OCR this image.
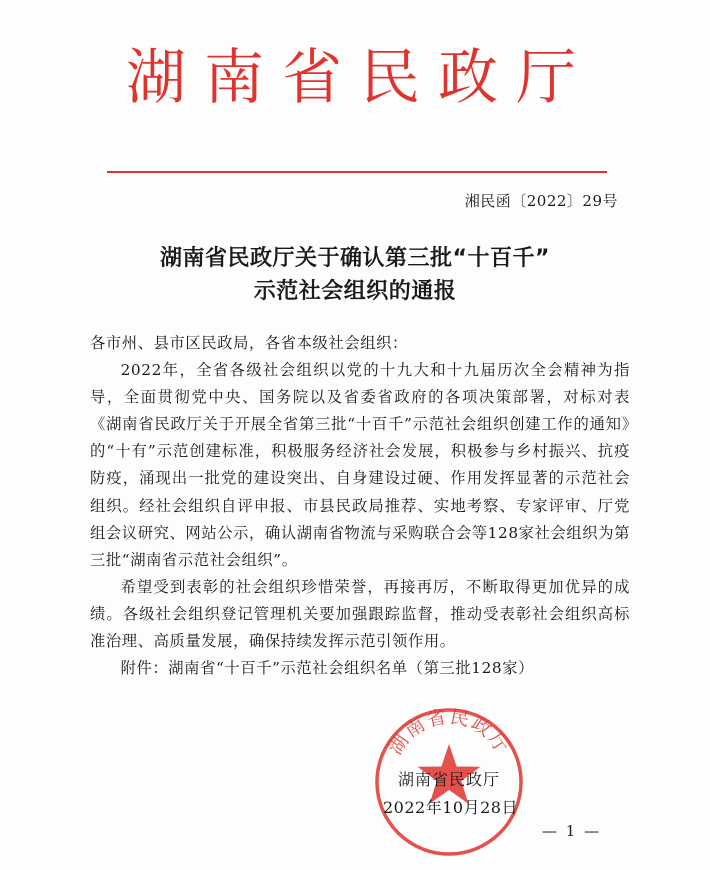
湖南省民政厅
湘民函〔2022〕29号
湖南省民政厅关于确认第三批“十百千”
示范社会组织的通报

各市州、县市区民政局，各省本级社会组织：

2022年，全省各级社会组织以党的十九大和十九届历次全会精神为指导，全面贯彻党中央、国务院以及省委省政府的各项决策部署，对标对表《湖南省民政厅关于开展全省第三批“十百千”示范社会组织创建工作的通知》的“十有”示范创建标准，积极服务经济社会发展，积极参与乡村振兴、抗疫防疫，涌现出一批党的建设突出、自身建设过硬、作用发挥显著的示范社会组织。经社会组织自评申报、市县民政局推荐、实地考察、专家评审、厅党组会议研究、网站公示，确认湖南省物流与采购联合会等128家社会组织为第三批“湖南省示范社会组织”。

希望受到表彰的社会组织珍惜荣誉，再接再厉，不断取得更加优异的成绩。各级社会组织登记管理机关要加强跟踪监督，推动受表彰社会组织高标准治理、高质量发展，确保持续发挥示范引领作用。

附件：湖南省“十百千”示范社会组织名单（第三批128家）

湖南省民政厅
湖南省民政厅
2022年10月28日
— 1 —
